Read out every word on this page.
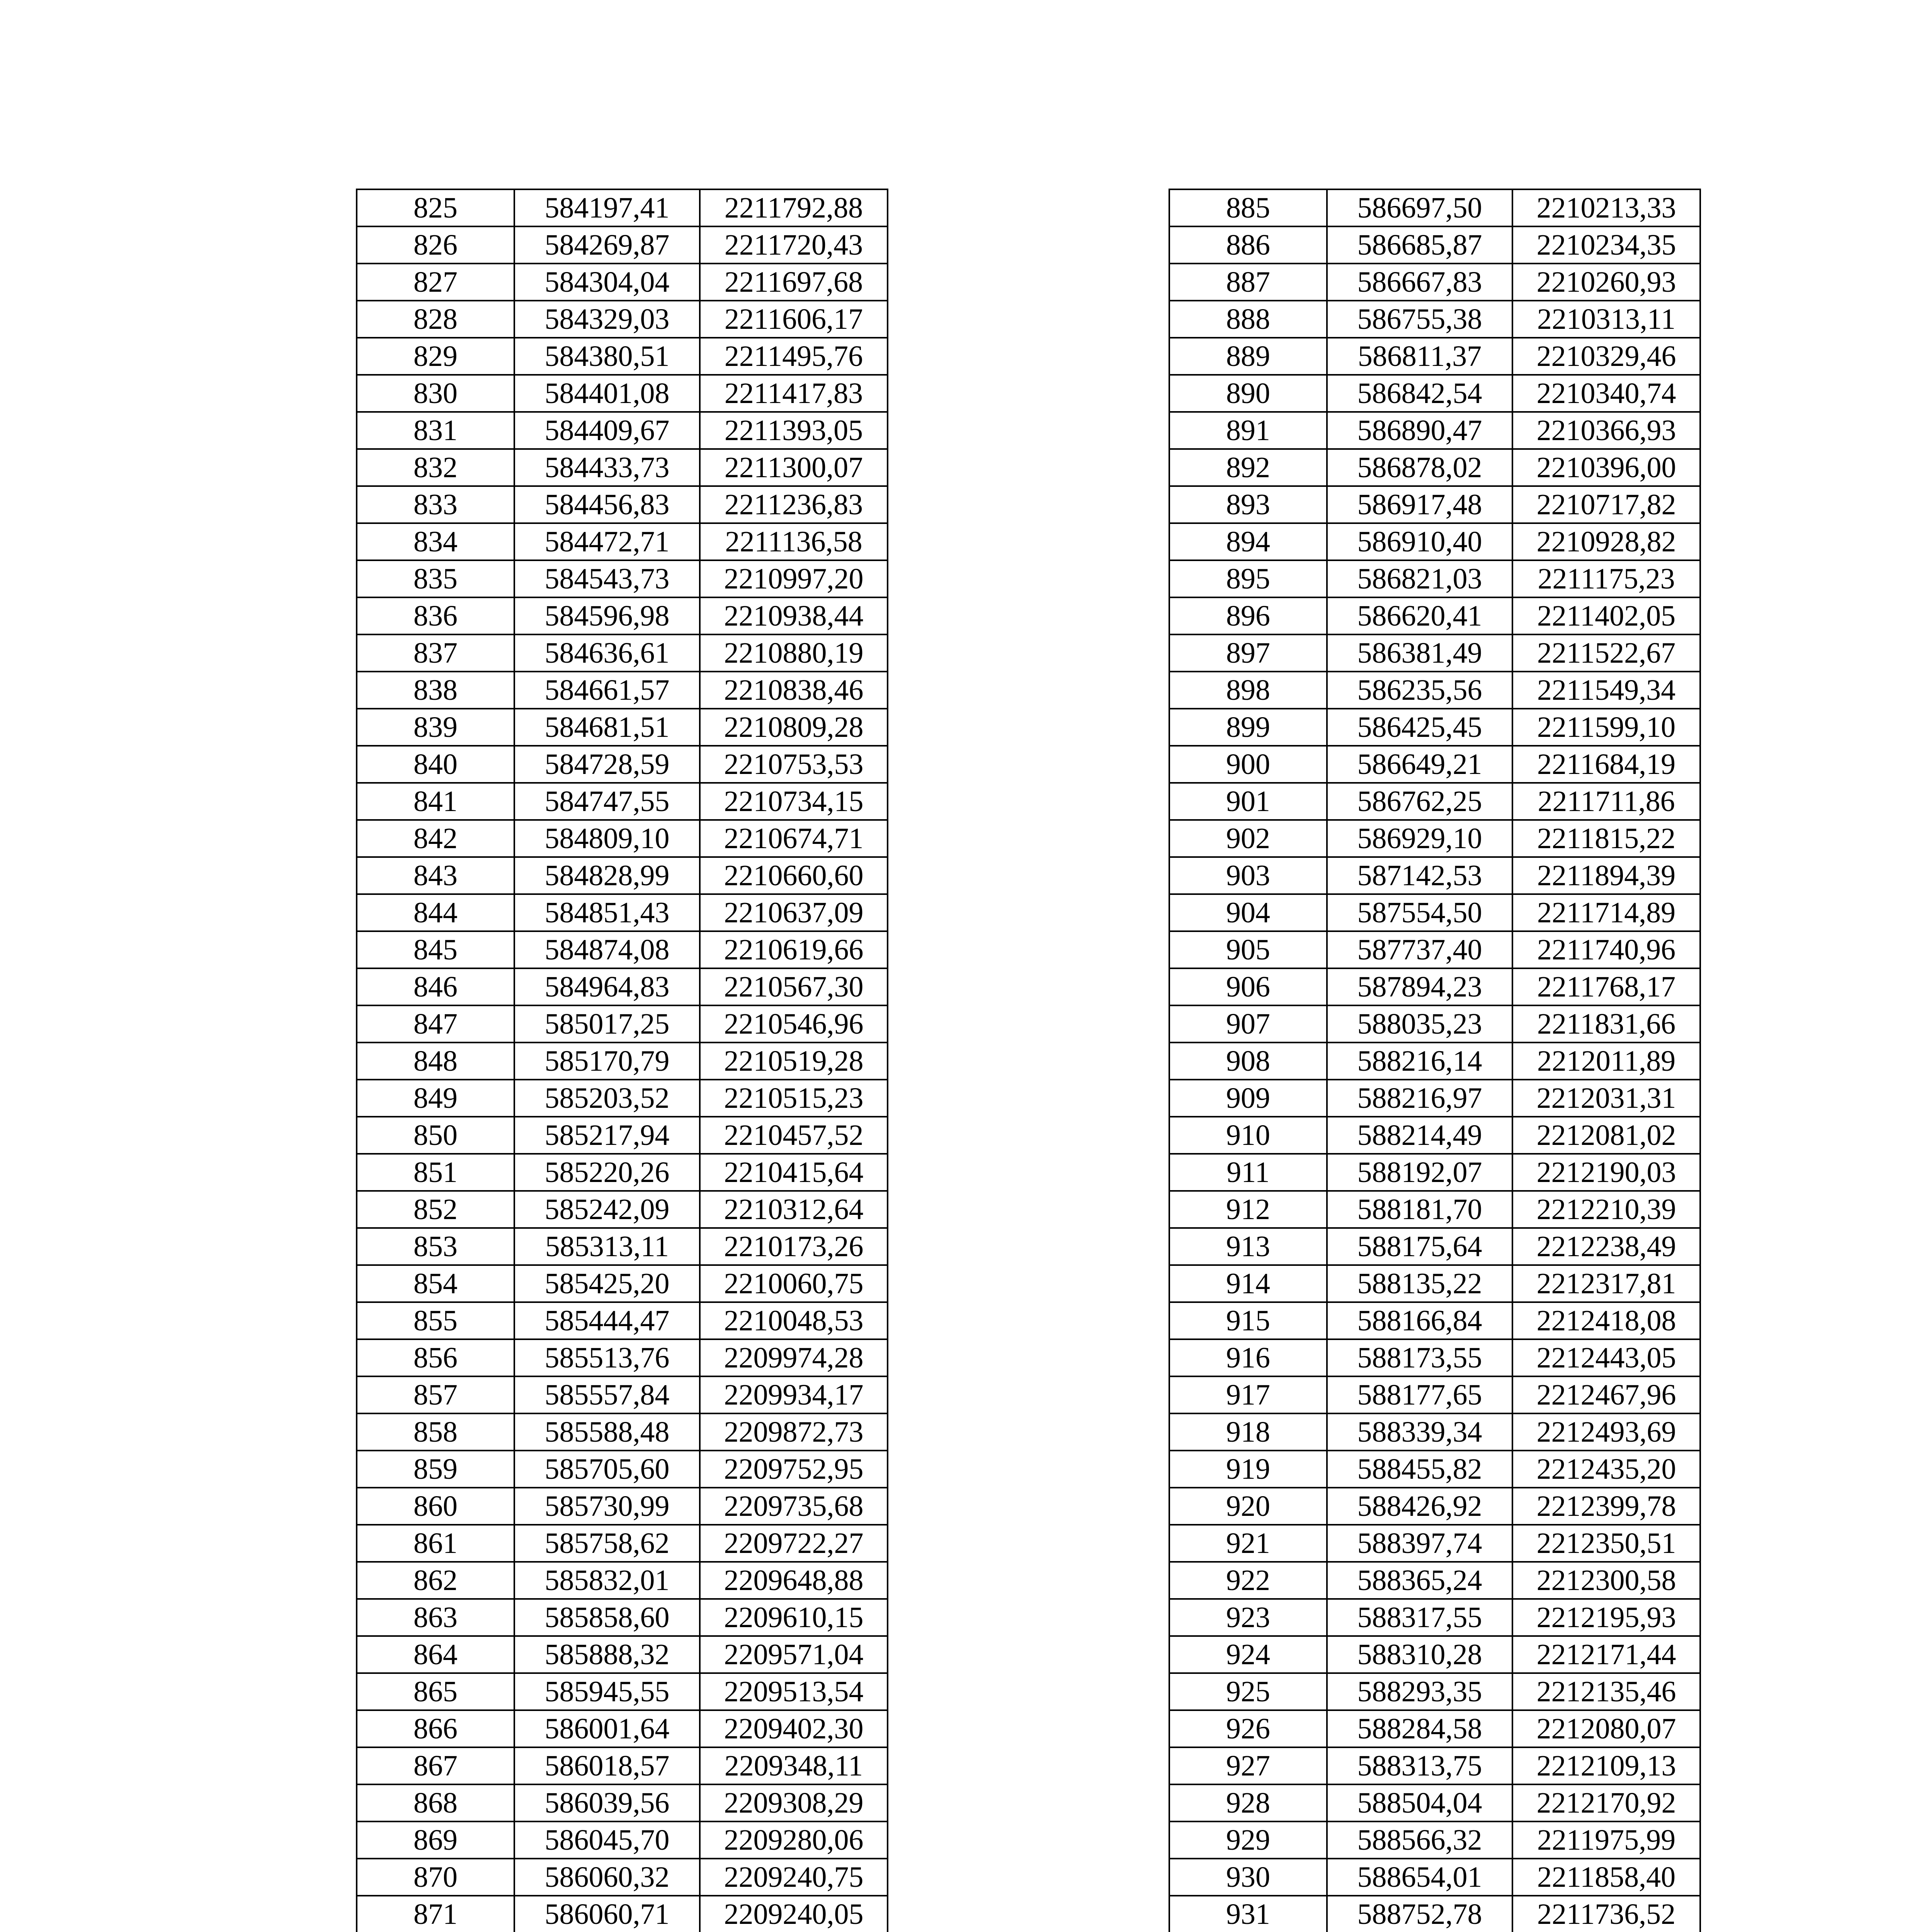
825	584197,41	2211792,88
826	584269,87	2211720,43
827	584304,04	2211697,68
828	584329,03	2211606,17
829	584380,51	2211495,76
830	584401,08	2211417,83
831	584409,67	2211393,05
832	584433,73	2211300,07
833	584456,83	2211236,83
834	584472,71	2211136,58
835	584543,73	2210997,20
836	584596,98	2210938,44
837	584636,61	2210880,19
838	584661,57	2210838,46
839	584681,51	2210809,28
840	584728,59	2210753,53
841	584747,55	2210734,15
842	584809,10	2210674,71
843	584828,99	2210660,60
844	584851,43	2210637,09
845	584874,08	2210619,66
846	584964,83	2210567,30
847	585017,25	2210546,96
848	585170,79	2210519,28
849	585203,52	2210515,23
850	585217,94	2210457,52
851	585220,26	2210415,64
852	585242,09	2210312,64
853	585313,11	2210173,26
854	585425,20	2210060,75
855	585444,47	2210048,53
856	585513,76	2209974,28
857	585557,84	2209934,17
858	585588,48	2209872,73
859	585705,60	2209752,95
860	585730,99	2209735,68
861	585758,62	2209722,27
862	585832,01	2209648,88
863	585858,60	2209610,15
864	585888,32	2209571,04
865	585945,55	2209513,54
866	586001,64	2209402,30
867	586018,57	2209348,11
868	586039,56	2209308,29
869	586045,70	2209280,06
870	586060,32	2209240,75
871	586060,71	2209240,05

885	586697,50	2210213,33
886	586685,87	2210234,35
887	586667,83	2210260,93
888	586755,38	2210313,11
889	586811,37	2210329,46
890	586842,54	2210340,74
891	586890,47	2210366,93
892	586878,02	2210396,00
893	586917,48	2210717,82
894	586910,40	2210928,82
895	586821,03	2211175,23
896	586620,41	2211402,05
897	586381,49	2211522,67
898	586235,56	2211549,34
899	586425,45	2211599,10
900	586649,21	2211684,19
901	586762,25	2211711,86
902	586929,10	2211815,22
903	587142,53	2211894,39
904	587554,50	2211714,89
905	587737,40	2211740,96
906	587894,23	2211768,17
907	588035,23	2211831,66
908	588216,14	2212011,89
909	588216,97	2212031,31
910	588214,49	2212081,02
911	588192,07	2212190,03
912	588181,70	2212210,39
913	588175,64	2212238,49
914	588135,22	2212317,81
915	588166,84	2212418,08
916	588173,55	2212443,05
917	588177,65	2212467,96
918	588339,34	2212493,69
919	588455,82	2212435,20
920	588426,92	2212399,78
921	588397,74	2212350,51
922	588365,24	2212300,58
923	588317,55	2212195,93
924	588310,28	2212171,44
925	588293,35	2212135,46
926	588284,58	2212080,07
927	588313,75	2212109,13
928	588504,04	2212170,92
929	588566,32	2211975,99
930	588654,01	2211858,40
931	588752,78	2211736,52
